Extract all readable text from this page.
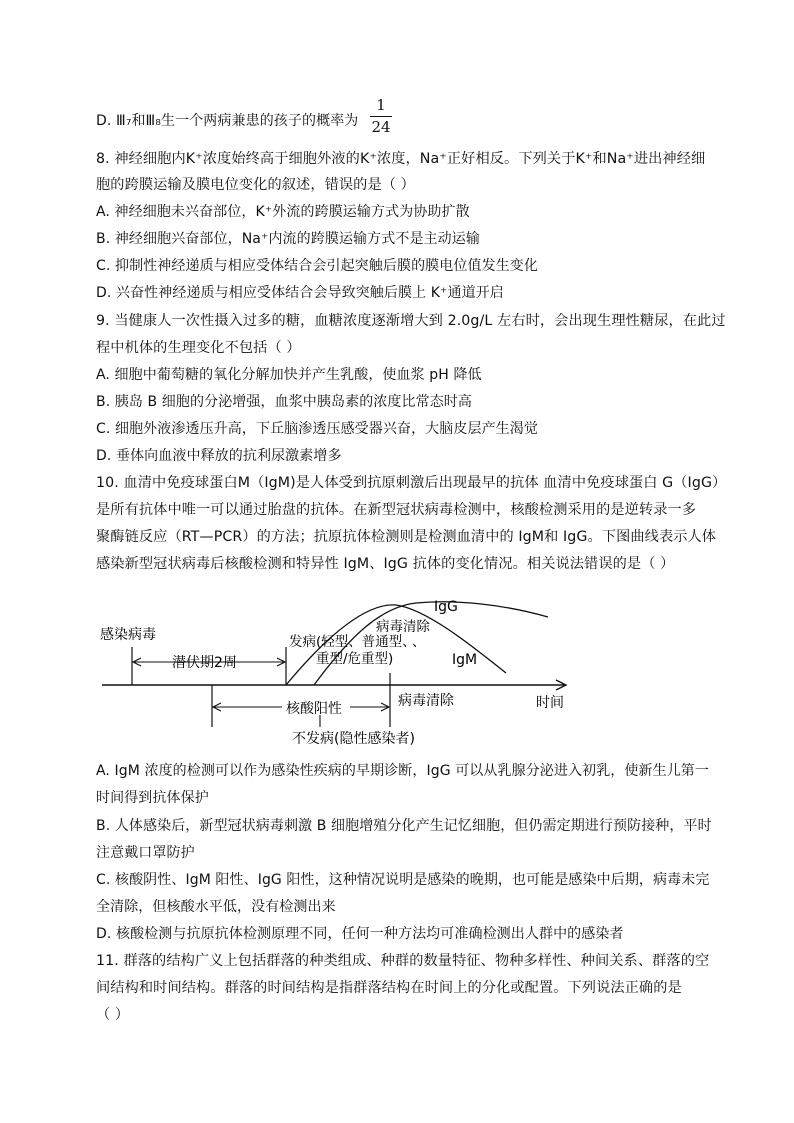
D. Ⅲ₇和Ⅲ₈生一个两病兼患的孩子的概率为
1
24
8. 神经细胞内K⁺浓度始终高于细胞外液的K⁺浓度，Na⁺正好相反。下列关于K⁺和Na⁺进出神经细
胞的跨膜运输及膜电位变化的叙述，错误的是（ ）
A. 神经细胞未兴奋部位，K⁺外流的跨膜运输方式为协助扩散
B. 神经细胞兴奋部位，Na⁺内流的跨膜运输方式不是主动运输
C. 抑制性神经递质与相应受体结合会引起突触后膜的膜电位值发生变化
D. 兴奋性神经递质与相应受体结合会导致突触后膜上 K⁺通道开启
9. 当健康人一次性摄入过多的糖，血糖浓度逐渐增大到 2.0g/L 左右时，会出现生理性糖尿，在此过
程中机体的生理变化不包括（ ）
A. 细胞中葡萄糖的氧化分解加快并产生乳酸，使血浆 pH 降低
B. 胰岛 B 细胞的分泌增强，血浆中胰岛素的浓度比常态时高
C. 细胞外液渗透压升高，下丘脑渗透压感受器兴奋，大脑皮层产生渴觉
D. 垂体向血液中释放的抗利尿激素增多
10. 血清中免疫球蛋白M（IgM)是人体受到抗原刺激后出现最早的抗体 血清中免疫球蛋白 G（IgG）
是所有抗体中唯一可以通过胎盘的抗体。在新型冠状病毒检测中，核酸检测采用的是逆转录一多
聚酶链反应（RT—PCR）的方法；抗原抗体检测则是检测血清中的 IgM和 IgG。下图曲线表示人体
感染新型冠状病毒后核酸检测和特异性 IgM、IgG 抗体的变化情况。相关说法错误的是（ ）
感染病毒
潜伏期2周
发病(轻型、普通型、
重型/危重型)
病毒清除
、
IgG
IgM
核酸阳性	病毒清除	时间
不发病(隐性感染者)
A. IgM 浓度的检测可以作为感染性疾病的早期诊断，IgG 可以从乳腺分泌进入初乳，使新生儿第一
时间得到抗体保护
B. 人体感染后，新型冠状病毒刺激 B 细胞增殖分化产生记忆细胞，但仍需定期进行预防接种，平时
注意戴口罩防护
C. 核酸阴性、IgM 阳性、IgG 阳性，这种情况说明是感染的晚期，也可能是感染中后期，病毒未完
全清除，但核酸水平低，没有检测出来
D. 核酸检测与抗原抗体检测原理不同，任何一种方法均可准确检测出人群中的感染者
11. 群落的结构广义上包括群落的种类组成、种群的数量特征、物种多样性、种间关系、群落的空
间结构和时间结构。群落的时间结构是指群落结构在时间上的分化或配置。下列说法正确的是
（ ）
